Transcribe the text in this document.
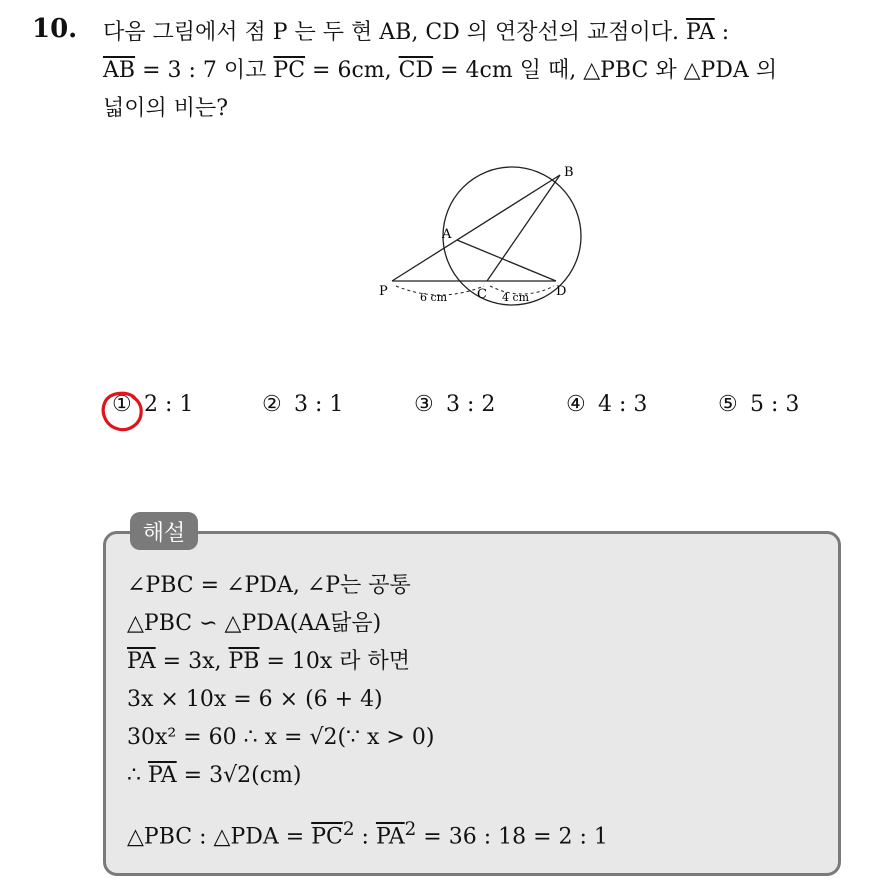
10. 다음 그림에서 점 P 는 두 현 AB, CD 의 연장선의 교점이다. $\overline{PA}$ :
$\overline{AB} = 3$ : 7 이고 $\overline{PC} = 6cm$, $\overline{CD} = 4cm$ 일 때, △PBC 와 △PDA 의
넓이의 비는?
A
B
C	D
P	6 cm	4 cm
① 2 : 1	② 3 : 1	③ 3 : 2	④ 4 : 3	⑤ 5 : 3
해설
∠PBC = ∠PDA, ∠P는 공통
△PBC ∽ △PDA(AA닮음)
$\overline{PA} = 3x$, $\overline{PB} = 10x$ 라 하면
3x × 10x = 6 × (6 + 4)
30x² = 60 ∴ x = √2(∵ x > 0)
∴ $\overline{PA} = 3√2(cm)$
△PBC : △PDA = $\overline{PC}^2$ : $\overline{PA}^2 = 36$ : 18 = 2 : 1
